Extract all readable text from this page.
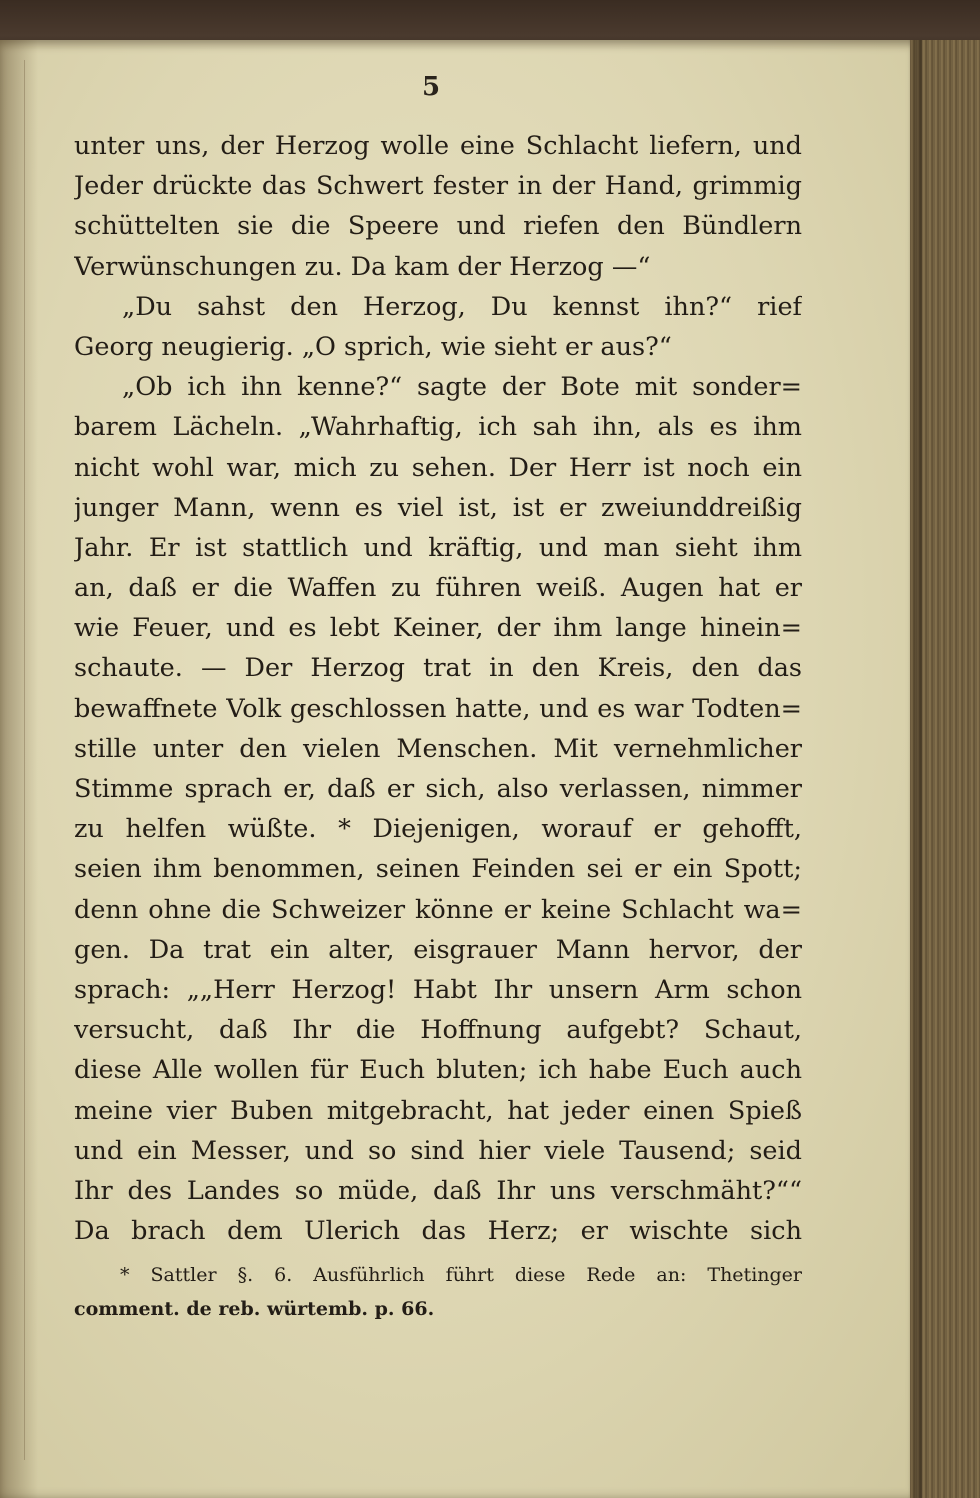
5
unter uns, der Herzog wolle eine Schlacht liefern, und
Jeder drückte das Schwert fester in der Hand, grimmig
schüttelten sie die Speere und riefen den Bündlern
Verwünschungen zu. Da kam der Herzog —“
„Du sahst den Herzog, Du kennst ihn?“ rief
Georg neugierig. „O sprich, wie sieht er aus?“
„Ob ich ihn kenne?“ sagte der Bote mit sonder=
barem Lächeln. „Wahrhaftig, ich sah ihn, als es ihm
nicht wohl war, mich zu sehen. Der Herr ist noch ein
junger Mann, wenn es viel ist, ist er zweiunddreißig
Jahr. Er ist stattlich und kräftig, und man sieht ihm
an, daß er die Waffen zu führen weiß. Augen hat er
wie Feuer, und es lebt Keiner, der ihm lange hinein=
schaute. — Der Herzog trat in den Kreis, den das
bewaffnete Volk geschlossen hatte, und es war Todten=
stille unter den vielen Menschen. Mit vernehmlicher
Stimme sprach er, daß er sich, also verlassen, nimmer
zu helfen wüßte. * Diejenigen, worauf er gehofft,
seien ihm benommen, seinen Feinden sei er ein Spott;
denn ohne die Schweizer könne er keine Schlacht wa=
gen. Da trat ein alter, eisgrauer Mann hervor, der
sprach: „„Herr Herzog! Habt Ihr unsern Arm schon
versucht, daß Ihr die Hoffnung aufgebt? Schaut,
diese Alle wollen für Euch bluten; ich habe Euch auch
meine vier Buben mitgebracht, hat jeder einen Spieß
und ein Messer, und so sind hier viele Tausend; seid
Ihr des Landes so müde, daß Ihr uns verschmäht?““
Da brach dem Ulerich das Herz; er wischte sich
* Sattler §. 6. Ausführlich führt diese Rede an: Thetinger
comment. de reb. würtemb. p. 66.
